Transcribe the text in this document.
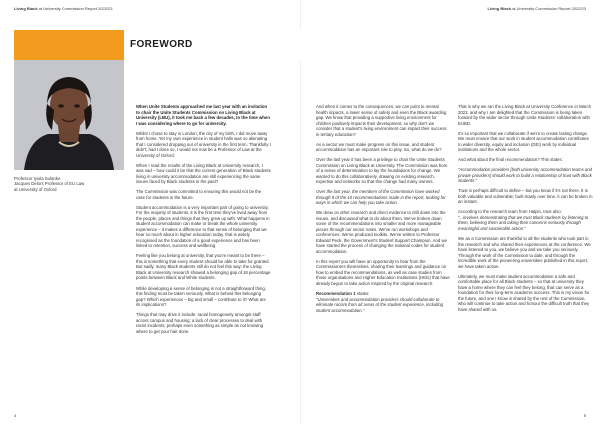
Living Black at University Commission Report 2022/23	Living Black at University Commission Report 2022/23
FOREWORD
Professor Iyiola Solanke
Jacques Delors Professor of EU Law
at University of Oxford

When Unite Students approached me last year with an invitation to chair the Unite Students Commission on Living Black at University (LBU), it took me back a few decades, to the time when I was considering where to go for university.

Whilst I chose to stay in London, the city of my birth, I did move away from home. Yet my own experience in student halls was so alienating that I considered dropping out of university in the first term. Thankfully I didn't; had I done so, I would not now be a Professor of Law at the University of Oxford.

When I read the results of the Living Black at University research, I was sad – how could it be that the current generation of Black students living in university accommodation are still experiencing the same issues faced by Black students in the past?

The Commission was committed to ensuring this would not be the case for students in the future.

Student accommodation is a very important part of going to university. For the majority of students, it is the first time they've lived away from the people, places and things that they grew up with. What happens in student accommodation can make or break the whole university experience – it makes a difference to that sense of belonging that we hear so much about in higher education today, that is widely recognised as the foundation of a good experience and has been linked to retention, success and wellbeing.

Feeling like you belong at university, that you're meant to be there – this is something that every student should be able to take for granted. But sadly, many Black students still do not feel this way: the Living Black at University research showed a belonging gap of 18 percentage points between Black and White students.

While developing a sense of belonging is not a straightforward thing, this finding must be taken seriously. What is behind this belonging gap? Which experiences – big and small – contribute to it? What are its implications?

Things that may drive it include: racial homogeneity amongst staff across campus and housing; a lack of clear processes to deal with racist incidents; perhaps even something as simple as not knowing where to get your hair done.

And when it comes to the consequences, we can point to mental health impacts, a lower sense of safety and even the Black awarding gap. We know that providing a supportive living environment for children positively impacts their development, so why don't we consider that a student's living environment can impact their success in tertiary education?

As a sector we must make progress on this issue, and student accommodation has an important role to play. So, what do we do?

Over the last year it has been a privilege to chair the Unite Students Commission on Living Black at University. The Commission was born of a sense of determination to lay the foundations for change. We wanted to do this collaboratively, drawing on existing research, expertise and networks so that this change had many owners.

Over the last year, the members of the Commission have worked through 8 of the 10 recommendations made in the report, looking for ways in which we can help you take action.

We drew on other research and direct evidence to drill down into the issues, and discussed what to do about them. We've broken down some of the recommendations into smaller and more manageable pieces through our sector notes. We've run workshops and conferences. We've produced toolkits. We've written to Professor Edward Peck, the Government's Student Support Champion. And we have started the process of changing the national codes for student accommodation.

In this report you will have an opportunity to hear from the Commissioners themselves, sharing their learnings and guidance on how to embed the recommendations, as well as case studies from those organisations and Higher Education Institutions (HEIs) that have already begun to take action inspired by the original research.

Recommendation 1 states:
"Universities and accommodation providers should collaborate to eliminate racism from all areas of the student experience, including student accommodation."

That is why we ran the Living Black at University Conference in March 2023, and why I am delighted that the Commission is being taken forward by the wider sector through Unite Students' collaboration with EUBD.

It's so important that we collaborate if we're to create lasting change. We must ensure that our work in student accommodation contributes to wider diversity, equity and inclusion (DEI) work by individual institutions and the whole sector.

And what about the final recommendation? This states:

"Accommodation providers [both university accommodation teams and private providers] should work to build a relationship of trust with Black students."

Trust is perhaps difficult to define – but you know if it's not there. It is both valuable and vulnerable; built slowly over time, it can be broken in an instant.

According to the research team from Halpin, trust also:
"...involves demonstrating that we trust Black students by listening to them, believing them and taking their concerns seriously through meaningful and sustainable action."

We as a Commission are thankful to all the students who took part in the research and who shared their experiences at the conference. We have listened to you, we believe you and we take you seriously. Through the work of the Commission to date, and through the incredible work of the pioneering universities published in this report, we have taken action.

Ultimately, we must make student accommodation a safe and comfortable place for all Black students – so that at university they have a home where they can feel they belong, that can serve as a foundation for their long-term academic success. This is my vision for the future, and one I know is shared by the rest of the Commission, who will continue to take action and honour the difficult truth that they have shared with us.

4	5
